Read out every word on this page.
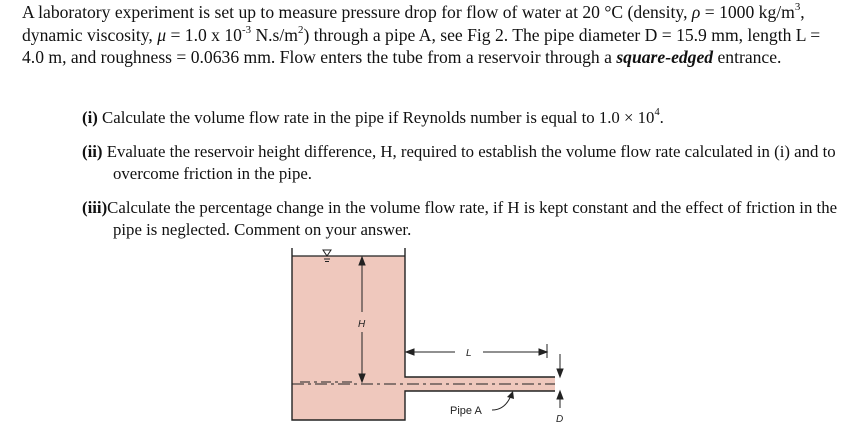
A laboratory experiment is set up to measure pressure drop for flow of water at 20 °C (density, ρ = 1000 $kg/m^3$, dynamic viscosity, μ = 1.0 x $10^{-3}$ $N.s/m^2$) through a pipe A, see Fig 2. The pipe diameter D = 15.9 mm, length L = 4.0 m, and roughness = 0.0636 mm. Flow enters the tube from a reservoir through a square-edged entrance.

(i) Calculate the volume flow rate in the pipe if Reynolds number is equal to $1.0 \times 10^4$.
(ii) Evaluate the reservoir height difference, H, required to establish the volume flow rate calculated in (i) and to overcome friction in the pipe.
(iii)Calculate the percentage change in the volume flow rate, if H is kept constant and the effect of friction in the pipe is neglected. Comment on your answer.
H
L
D
Pipe A
